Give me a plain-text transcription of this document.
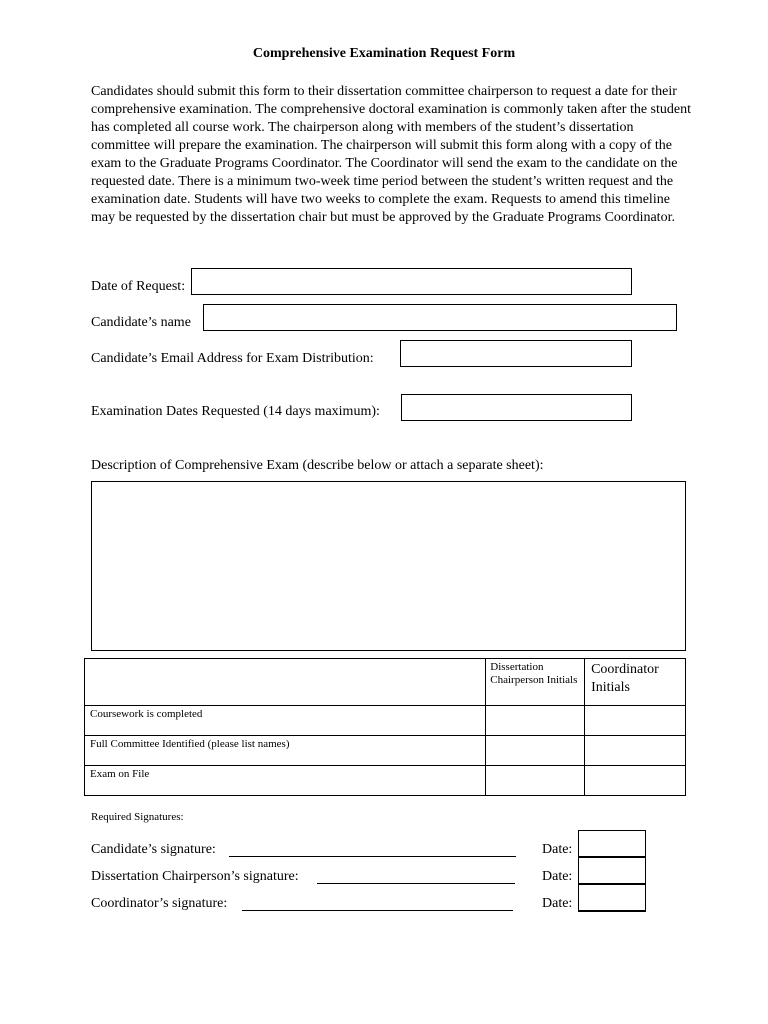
Comprehensive Examination Request Form
Candidates should submit this form to their dissertation committee chairperson to request a date for their comprehensive examination. The comprehensive doctoral examination is commonly taken after the student has completed all course work. The chairperson along with members of the student’s dissertation committee will prepare the examination. The chairperson will submit this form along with a copy of the exam to the Graduate Programs Coordinator. The Coordinator will send the exam to the candidate on the requested date. There is a minimum two-week time period between the student’s written request and the examination date. Students will have two weeks to complete the exam. Requests to amend this timeline may be requested by the dissertation chair but must be approved by the Graduate Programs Coordinator.
Date of Request:
Candidate’s name
Candidate’s Email Address for Exam Distribution:
Examination Dates Requested (14 days maximum):
Description of Comprehensive Exam (describe below or attach a separate sheet):

	Dissertation Chairperson Initials	Coordinator Initials

Coursework is completed		

Full Committee Identified (please list names)		

Exam on File		

Required Signatures:
Candidate’s signature:	Date:
Dissertation Chairperson’s signature:	Date:
Coordinator’s signature:	Date:
